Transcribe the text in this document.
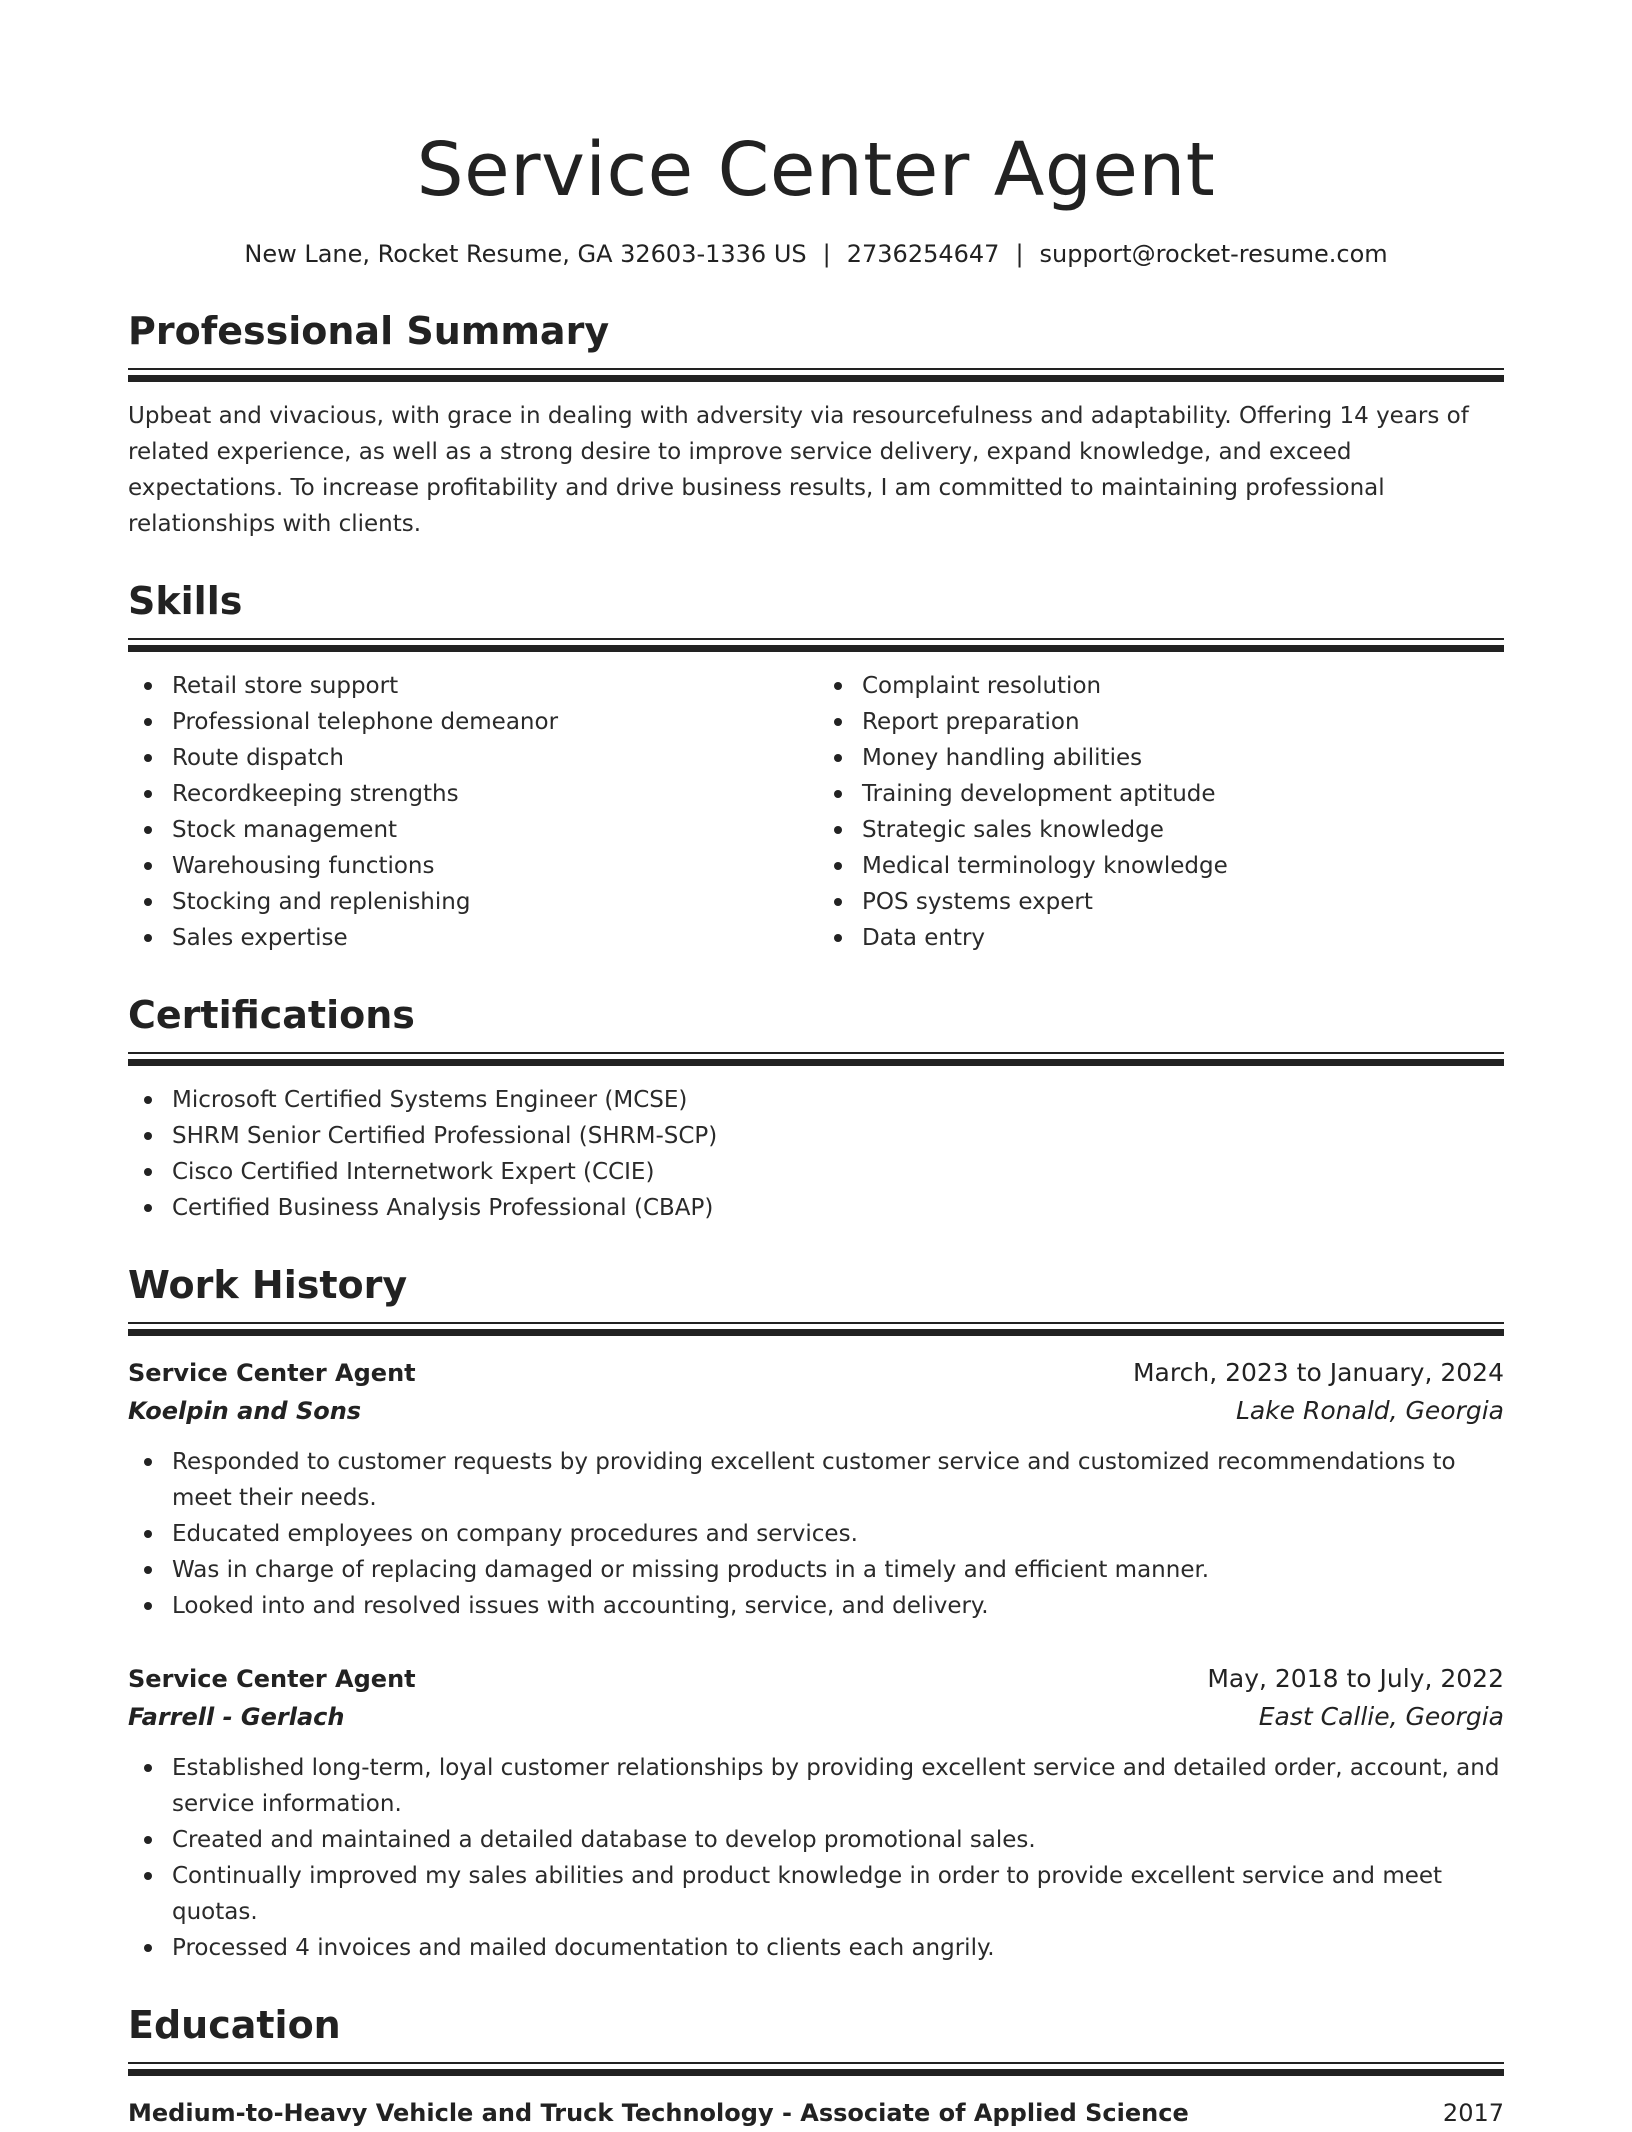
Service Center Agent
New Lane, Rocket Resume, GA 32603-1336 US | 2736254647 | support@rocket-resume.com
Professional Summary

Upbeat and vivacious, with grace in dealing with adversity via resourcefulness and adaptability. Offering 14 years of related experience, as well as a strong desire to improve service delivery, expand knowledge, and exceed expectations. To increase profitability and drive business results, I am committed to maintaining professional relationships with clients.

Skills
Retail store support
Professional telephone demeanor
Route dispatch
Recordkeeping strengths
Stock management
Warehousing functions
Stocking and replenishing
Sales expertise
Complaint resolution
Report preparation
Money handling abilities
Training development aptitude
Strategic sales knowledge
Medical terminology knowledge
POS systems expert
Data entry
Certifications
Microsoft Certified Systems Engineer (MCSE)
SHRM Senior Certified Professional (SHRM-SCP)
Cisco Certified Internetwork Expert (CCIE)
Certified Business Analysis Professional (CBAP)
Work History
Service Center Agent	March, 2023 to January, 2024
Koelpin and Sons	Lake Ronald, Georgia
Responded to customer requests by providing excellent customer service and customized recommendations to meet their needs.
Educated employees on company procedures and services.
Was in charge of replacing damaged or missing products in a timely and efficient manner.
Looked into and resolved issues with accounting, service, and delivery.
Service Center Agent	May, 2018 to July, 2022
Farrell - Gerlach	East Callie, Georgia
Established long-term, loyal customer relationships by providing excellent service and detailed order, account, and service information.
Created and maintained a detailed database to develop promotional sales.
Continually improved my sales abilities and product knowledge in order to provide excellent service and meet quotas.
Processed 4 invoices and mailed documentation to clients each angrily.
Education
Medium-to-Heavy Vehicle and Truck Technology - Associate of Applied Science	2017
